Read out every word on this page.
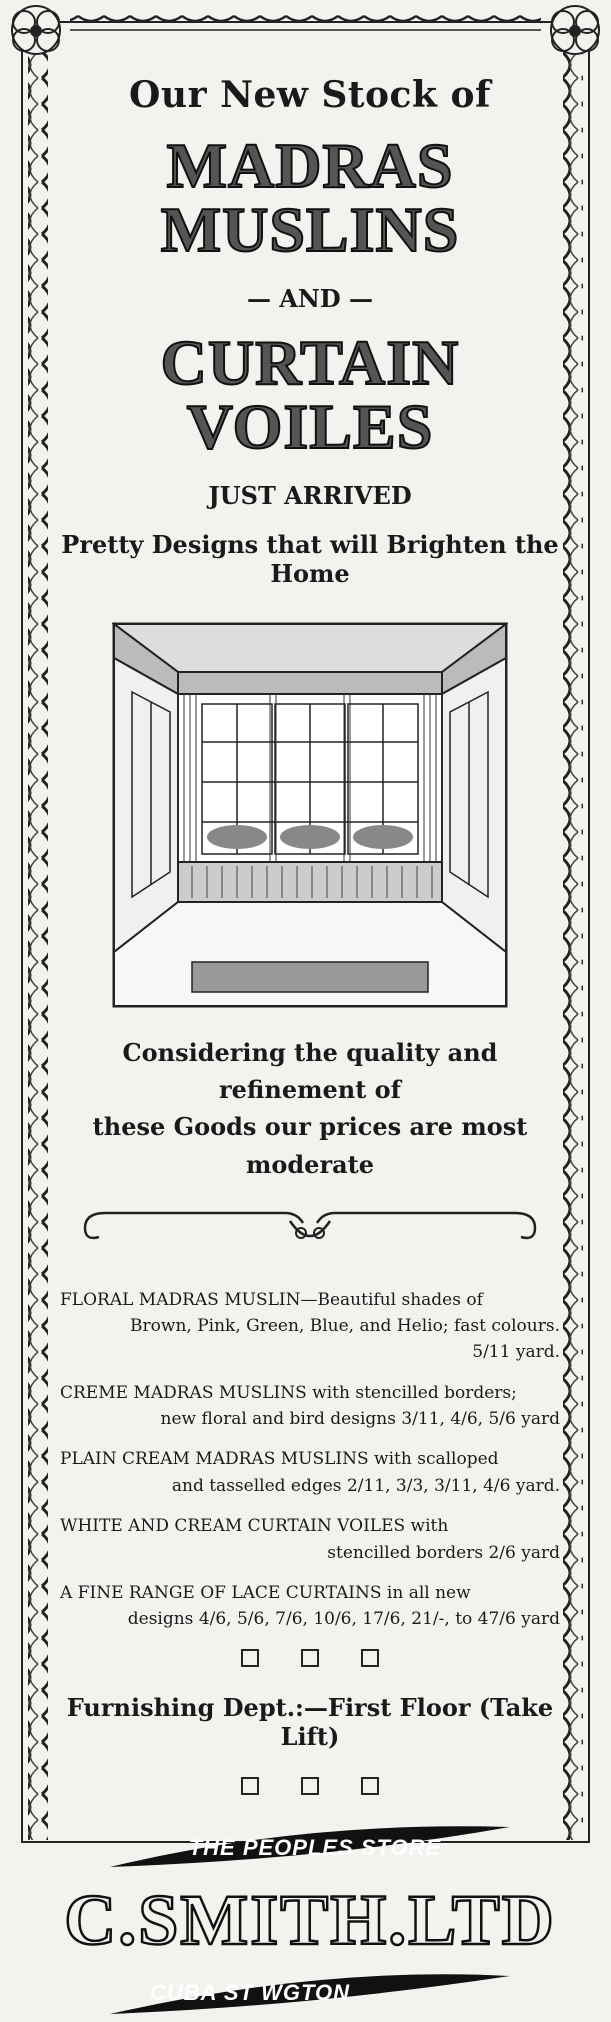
Our New Stock of
MADRAS MUSLINS
— AND —
CURTAIN VOILES
JUST ARRIVED
Pretty Designs that will Brighten the Home
Considering the quality and refinement of
these Goods our prices are most moderate
FLORAL MADRAS MUSLIN—Beautiful shades of
Brown, Pink, Green, Blue, and Helio; fast colours. 5/11 yard.
CREME MADRAS MUSLINS with stencilled borders;
new floral and bird designs 3/11, 4/6, 5/6 yard
PLAIN CREAM MADRAS MUSLINS with scalloped
and tasselled edges 2/11, 3/3, 3/11, 4/6 yard.
WHITE AND CREAM CURTAIN VOILES with
stencilled borders 2/6 yard
A FINE RANGE OF LACE CURTAINS in all new
designs 4/6, 5/6, 7/6, 10/6, 17/6, 21/-, to 47/6 yard
Furnishing Dept.:—First Floor (Take Lift)
THE PEOPLES STORE
C.SMITH.LTD
CUBA ST WGTON
